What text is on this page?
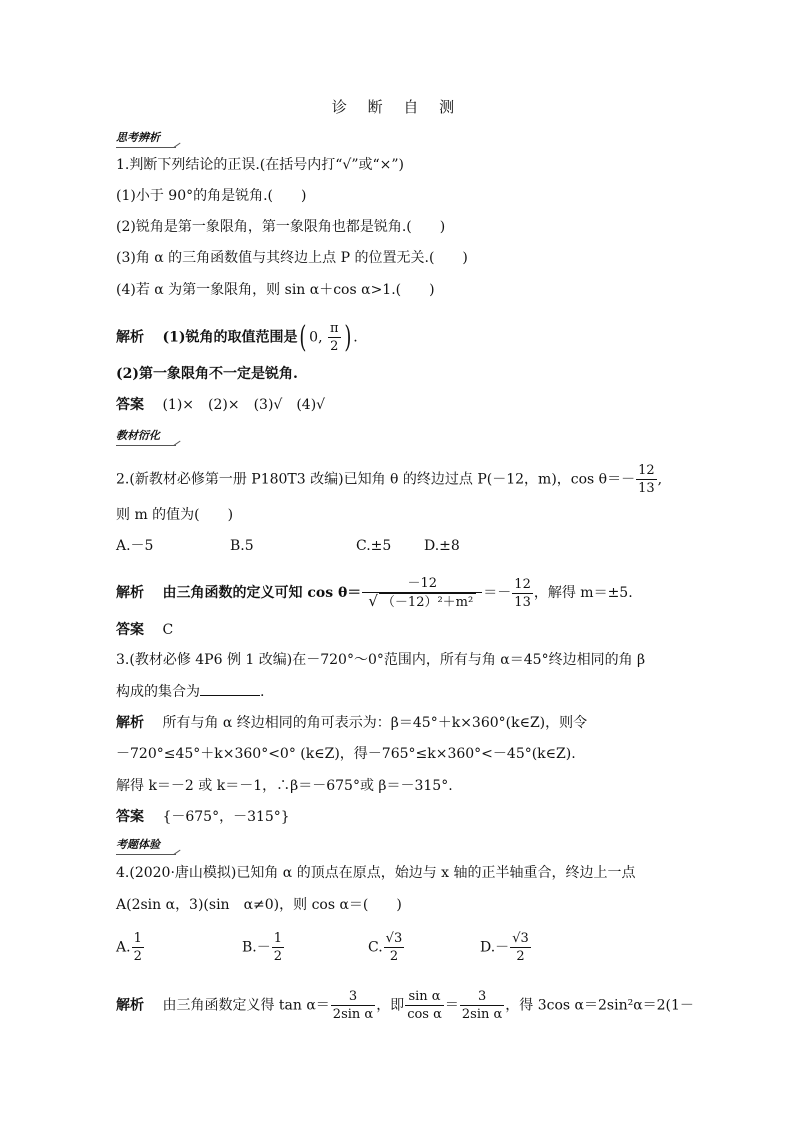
诊 断 自 测
思考辨析
1.判断下列结论的正误.(在括号内打“√”或“×”)
(1)小于 90°的角是锐角.(　　)
(2)锐角是第一象限角，第一象限角也都是锐角.(　　)
(3)角 α 的三角函数值与其终边上点 P 的位置无关.(　　)
(4)若 α 为第一象限角，则 sin α＋cos α>1.(　　)
解析　 (1)锐角的取值范围是( 0, $\frac{\pi}{2}$ ) .
(2)第一象限角不一定是锐角.
答案　 (1)×　(2)×　(3)√　(4)√
教材衍化
2.(新教材必修第一册 P180T3 改编)已知角 θ 的终边过点 P(－12，m)，$\cos \theta=- \frac{12}{13}$ ,
则 m 的值为(　　)
A.－5	B.5	C.±5 D.±8
解析　 由三角函数的定义可知 $\cos \theta= \frac{-12}{\text{√ （－12）²＋m²}} =- \frac{12}{13}$ ，解得 m＝±5.
答案　 C
3.(教材必修 4P6 例 1 改编)在－720°～0°范围内，所有与角 α＝45°终边相同的角 β
构成的集合为	.
解析　 所有与角 α 终边相同的角可表示为：β＝45°＋k×360°(k∈Z)，则令
－720°≤45°＋k×360°<0° (k∈Z)，得－765°≤k×360°<－45°(k∈Z).
解得 k＝－2 或 k＝－1，∴β＝－675°或 β＝－315°.
答案　 {－675°，－315°}
考题体验
4.(2020·唐山模拟)已知角 α 的顶点在原点，始边与 x 轴的正半轴重合，终边上一点
A(2sin α，3)(sin　α≠0)，则 cos α＝(　　)
A. $\frac{1}{2}$	$B.- \frac{1}{2}$	C. $\frac{√3}{2}$	$D.- \frac{√3}{2}$
解析　 由三角函数定义得 $\tan \alpha= \frac{3}{\text{2sin α}}$ ，即 $\frac{\text{sin α}}{\text{cos α}} = \frac{3}{\text{2sin α}}$ ，得 3cos α＝2sin²α＝2(1－
